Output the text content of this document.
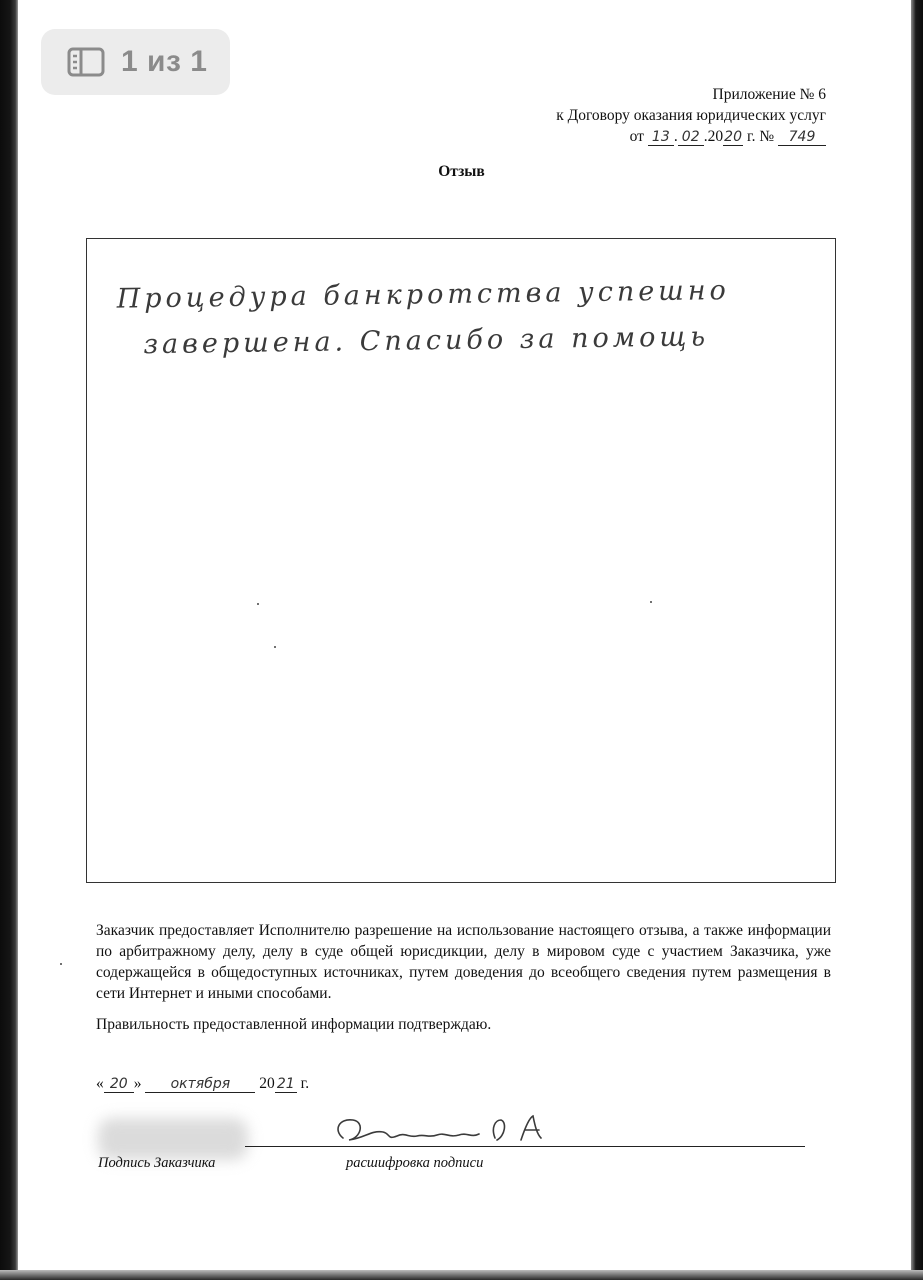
1 из 1
Приложение № 6
к Договору оказания юридических услуг
от 13 . 02 .2020 г. № 749
Отзыв
Процедура банкротства успешно
завершена. Спасибо за помощь
Заказчик предоставляет Исполнителю разрешение на использование настоящего отзыва, а также информации по арбитражному делу, делу в суде общей юрисдикции, делу в мировом суде с участием Заказчика, уже содержащейся в общедоступных источниках, путем доведения до всеобщего сведения путем размещения в сети Интернет и иными способами.
Правильность предоставленной информации подтверждаю.
« 20 » октября 20 21 г.
Подпись Заказчика	расшифровка подписи
